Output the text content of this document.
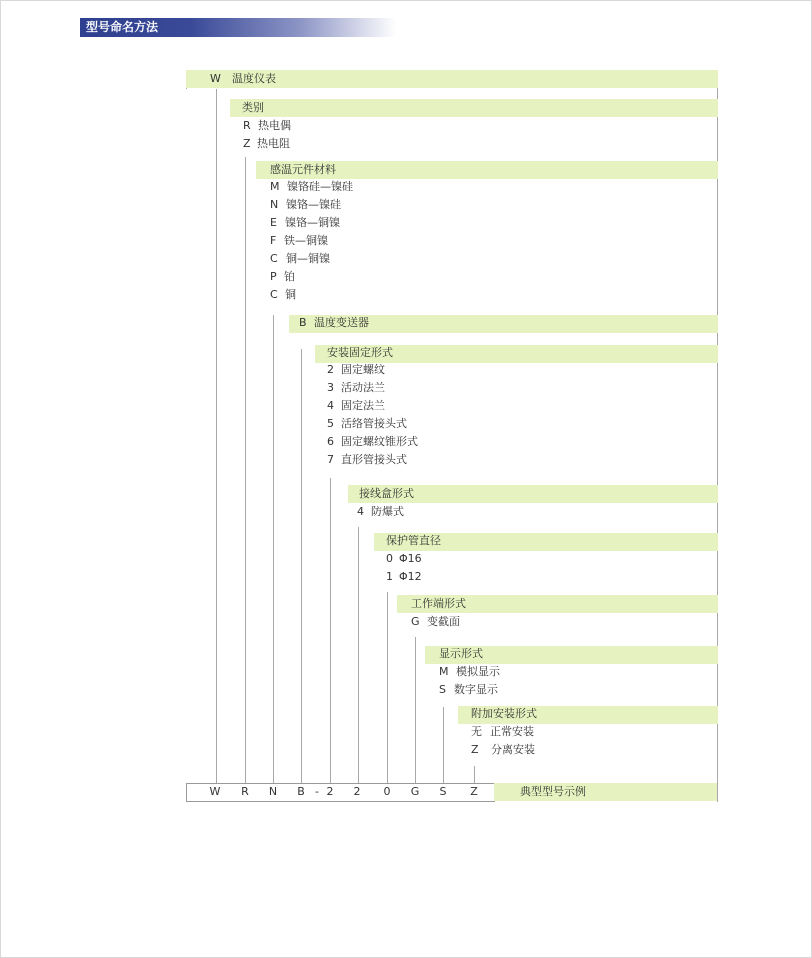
型号命名方法
W 温度仪表
类别
R 热电偶
Z 热电阻
感温元件材料
M 镍铬硅—镍硅
N 镍铬—镍硅
E 镍铬—铜镍
F 铁—铜镍
C 铜—铜镍
P 铂
C 铜
B 温度变送器
安装固定形式
2 固定螺纹
3 活动法兰
4 固定法兰
5 活络管接头式
6 固定螺纹锥形式
7 直形管接头式
接线盒形式
4 防爆式
保护管直径
0 Φ16
1 Φ12
工作端形式
G 变截面
显示形式
M 模拟显示
S 数字显示
附加安装形式
无 正常安装
Z 分离安装
W R N B - 2	2	0	G	S	Z	典型型号示例
